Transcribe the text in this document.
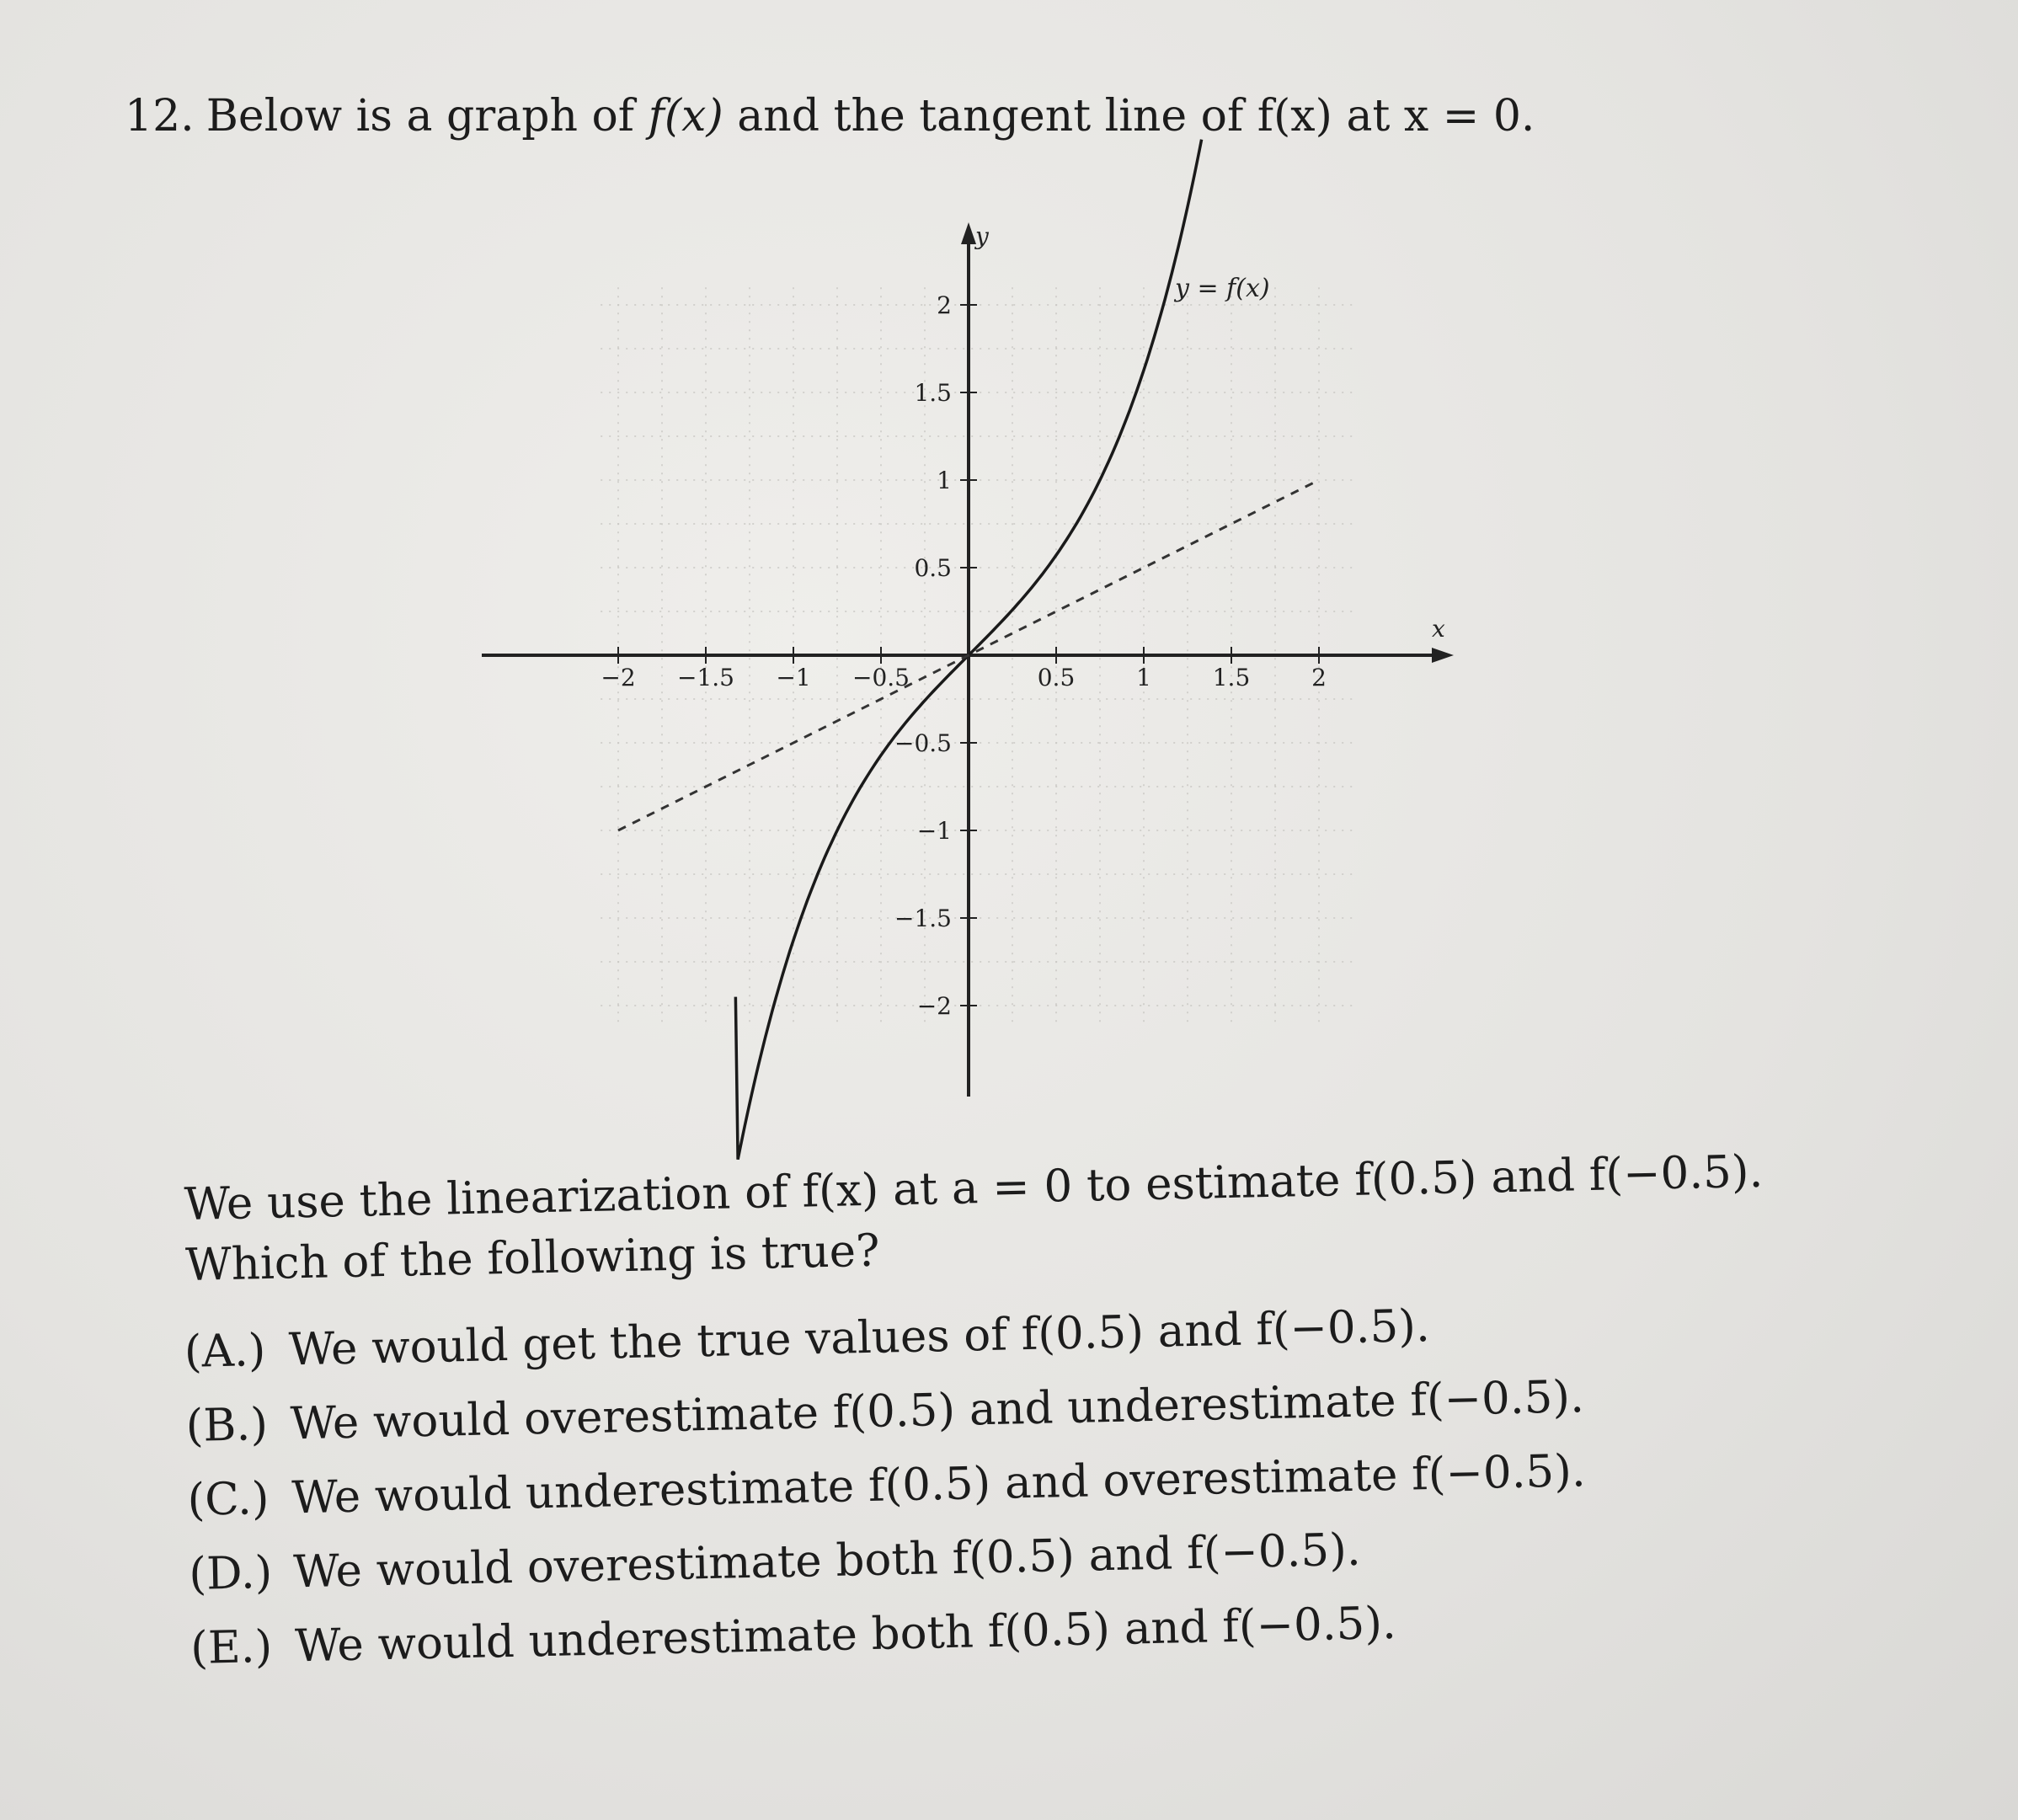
12. Below is a graph of f(x) and the tangent line of f(x) at x = 0.
−2 −1.5 −1 −0.5	0.5	1	1.5	2
2
1.5
1
0.5
−0.5
−1
−1.5
−2
y = f(x)
x
y
We use the linearization of f(x) at a = 0 to estimate f(0.5) and f(−0.5). Which of the following is true?
(A.) We would get the true values of f(0.5) and f(−0.5).
(B.) We would overestimate f(0.5) and underestimate f(−0.5).
(C.) We would underestimate f(0.5) and overestimate f(−0.5).
(D.) We would overestimate both f(0.5) and f(−0.5).
(E.) We would underestimate both f(0.5) and f(−0.5).
